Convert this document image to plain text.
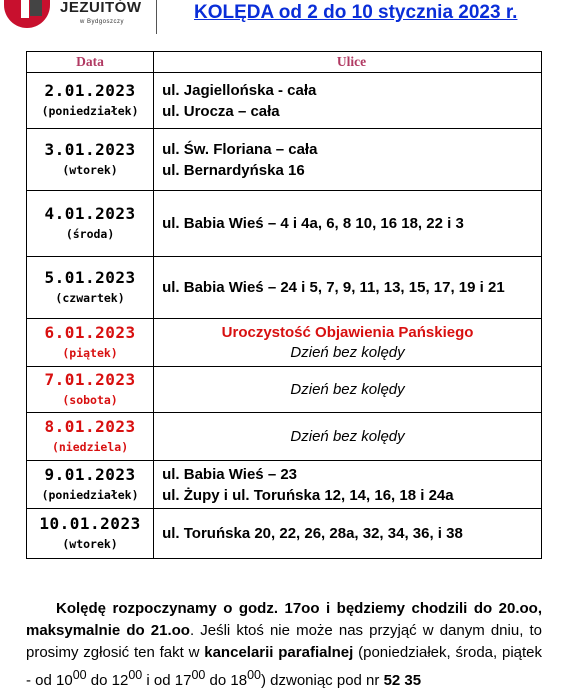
JEZUITÓW
w Bydgoszczy	KOLĘDA od 2 do 10 stycznia 2023 r.
Data	Ulice

2.01.2023
(poniedziałek)	ul. Jagiellońska - cała
ul. Urocza – cała

3.01.2023
(wtorek)	ul. Św. Floriana – cała
ul. Bernardyńska 16

4.01.2023
(środa)	ul. Babia Wieś – 4 i 4a, 6, 8 10, 16 18, 22 i 3

5.01.2023
(czwartek)	ul. Babia Wieś – 24 i 5, 7, 9, 11, 13, 15, 17, 19 i 21

6.01.2023
(piątek)	Uroczystość Objawienia Pańskiego
Dzień bez kolędy

7.01.2023
(sobota)	Dzień bez kolędy

8.01.2023
(niedziela)	Dzień bez kolędy

9.01.2023
(poniedziałek)	ul. Babia Wieś – 23
ul. Żupy i ul. Toruńska 12, 14, 16, 18 i 24a

10.01.2023
(wtorek)	ul. Toruńska 20, 22, 26, 28a, 32, 34, 36, i 38

Kolędę rozpoczynamy o godz. 17oo i będziemy chodzili do 20.oo, maksymalnie do 21.oo. Jeśli ktoś nie może nas przyjąć w danym dniu, to prosimy zgłosić ten fakt w kancelarii parafialnej (poniedziałek, środa, piątek - od $10^{00}$ do $12^{00}$ i od $17^{00}$ do $18^{00}$) dzwoniąc pod nr 52 35
